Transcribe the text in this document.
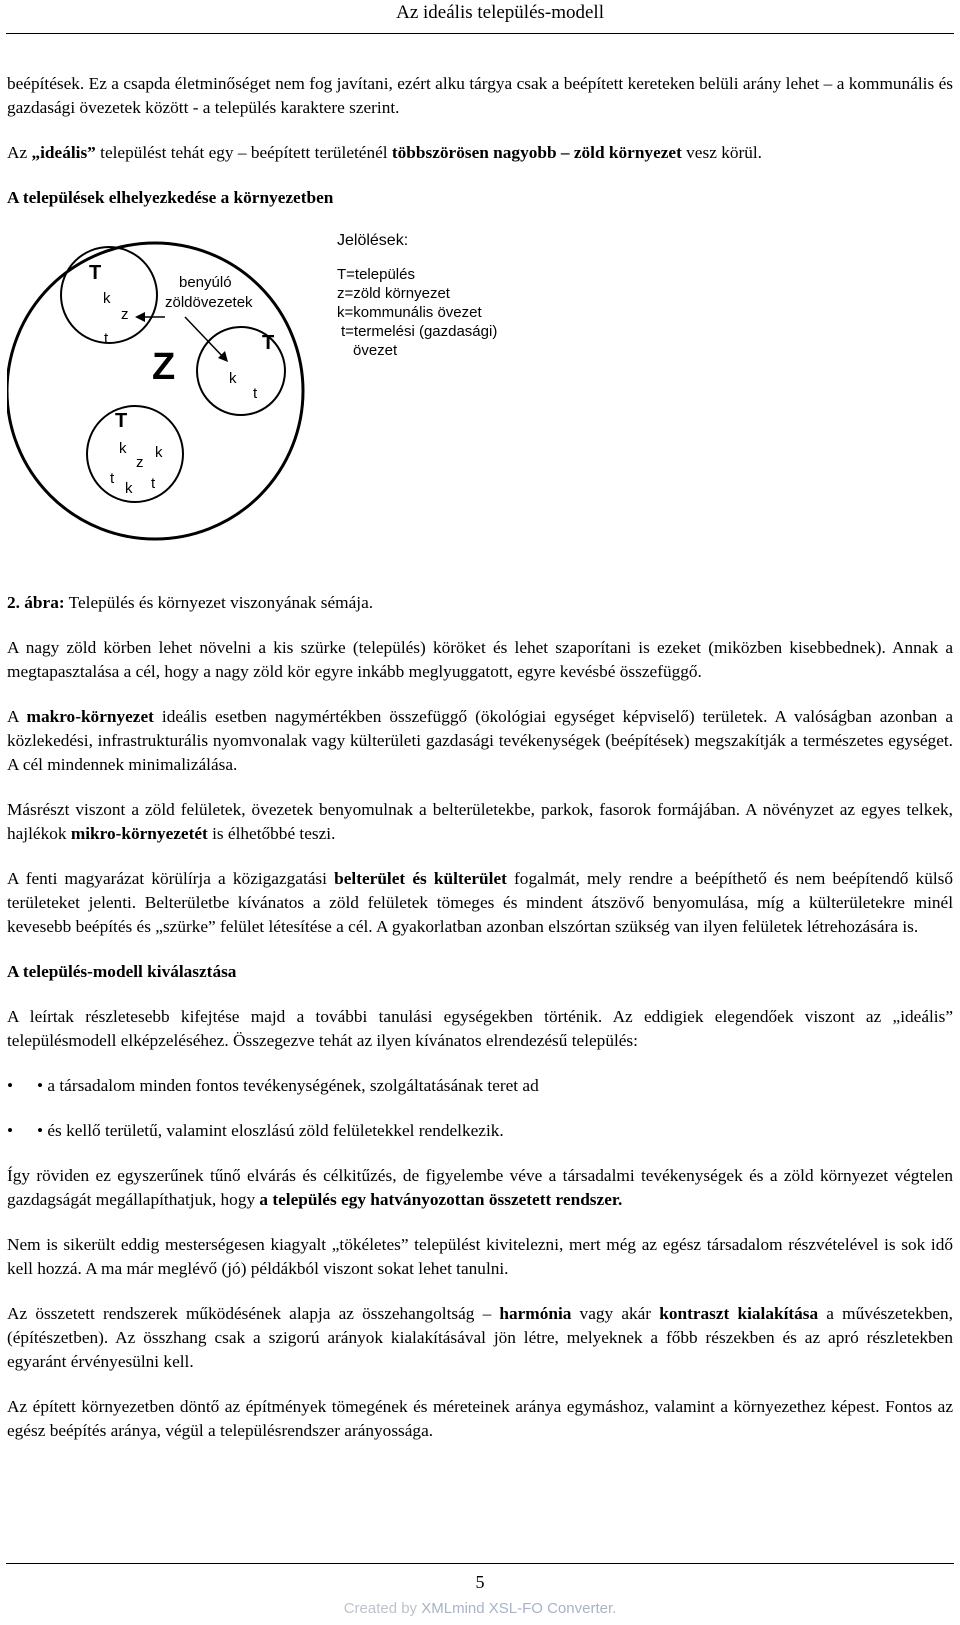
Az ideális település-modell

beépítések. Ez a csapda életminőséget nem fog javítani, ezért alku tárgya csak a beépített kereteken belüli arány lehet – a kommunális és gazdasági övezetek között - a település karaktere szerint.

Az „ideális” települést tehát egy – beépített területénél többszörösen nagyobb – zöld környezet vesz körül.

A települések elhelyezkedése a környezetben

Z
T
k
z
t
benyúló
zöldövezetek
T
k
t
T
k k
z
t
k t
Jelölések:
T=település
z=zöld környezet
k=kommunális övezet
t=termelési (gazdasági)
övezet

2. ábra: Település és környezet viszonyának sémája.

A nagy zöld körben lehet növelni a kis szürke (település) köröket és lehet szaporítani is ezeket (miközben kisebbednek). Annak a megtapasztalása a cél, hogy a nagy zöld kör egyre inkább meglyuggatott, egyre kevésbé összefüggő.

A makro-környezet ideális esetben nagymértékben összefüggő (ökológiai egységet képviselő) területek. A valóságban azonban a közlekedési, infrastrukturális nyomvonalak vagy külterületi gazdasági tevékenységek (beépítések) megszakítják a természetes egységet. A cél mindennek minimalizálása.

Másrészt viszont a zöld felületek, övezetek benyomulnak a belterületekbe, parkok, fasorok formájában. A növényzet az egyes telkek, hajlékok mikro-környezetét is élhetőbbé teszi.

A fenti magyarázat körülírja a közigazgatási belterület és külterület fogalmát, mely rendre a beépíthető és nem beépítendő külső területeket jelenti. Belterületbe kívánatos a zöld felületek tömeges és mindent átszövő benyomulása, míg a külterületekre minél kevesebb beépítés és „szürke” felület létesítése a cél. A gyakorlatban azonban elszórtan szükség van ilyen felületek létrehozására is.

A település-modell kiválasztása

A leírtak részletesebb kifejtése majd a további tanulási egységekben történik. Az eddigiek elegendőek viszont az „ideális” településmodell elképzeléséhez. Összegezve tehát az ilyen kívánatos elrendezésű település:

•	• a társadalom minden fontos tevékenységének, szolgáltatásának teret ad
•	• és kellő területű, valamint eloszlású zöld felületekkel rendelkezik.

Így röviden ez egyszerűnek tűnő elvárás és célkitűzés, de figyelembe véve a társadalmi tevékenységek és a zöld környezet végtelen gazdagságát megállapíthatjuk, hogy a település egy hatványozottan összetett rendszer.

Nem is sikerült eddig mesterségesen kiagyalt „tökéletes” települést kivitelezni, mert még az egész társadalom részvételével is sok idő kell hozzá. A ma már meglévő (jó) példákból viszont sokat lehet tanulni.

Az összetett rendszerek működésének alapja az összehangoltság – harmónia vagy akár kontraszt kialakítása a művészetekben, (építészetben). Az összhang csak a szigorú arányok kialakításával jön létre, melyeknek a főbb részekben és az apró részletekben egyaránt érvényesülni kell.

Az épített környezetben döntő az építmények tömegének és méreteinek aránya egymáshoz, valamint a környezethez képest. Fontos az egész beépítés aránya, végül a településrendszer arányossága.

5
Created by XMLmind XSL-FO Converter.
